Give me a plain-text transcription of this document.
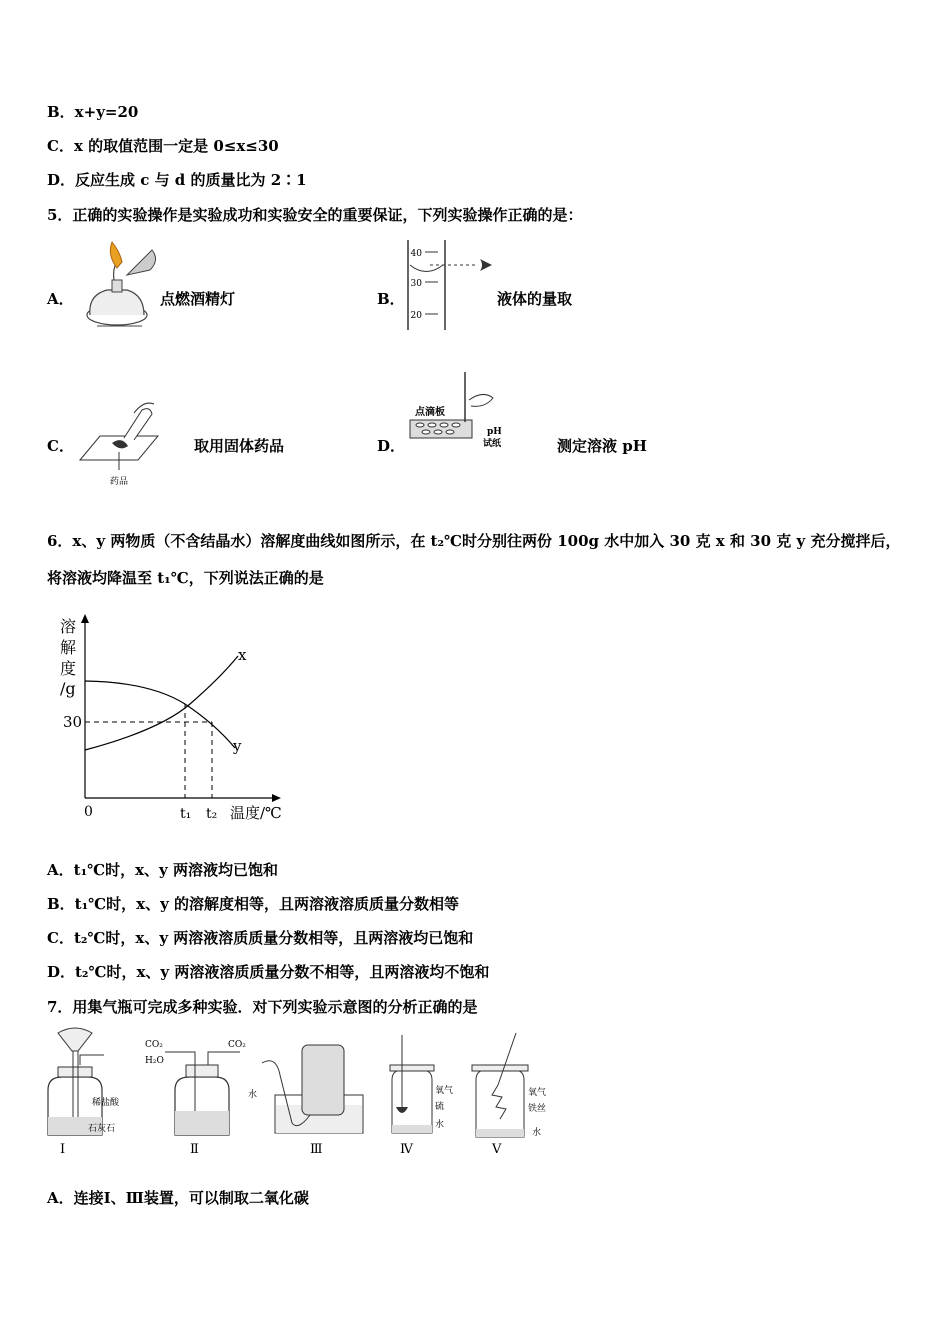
B．x+y=20
C．x 的取值范围一定是 0≤x≤30
D．反应生成 c 与 d 的质量比为 2∶1
5．正确的实验操作是实验成功和实验安全的重要保证，下列实验操作正确的是：
A．	点燃酒精灯	B．
40
30
20
液体的量取
C．
药品
取用固体药品	D．
点滴板
pH
试纸	测定溶液 pH
6．x、y 两物质（不含结晶水）溶解度曲线如图所示，在 t₂℃时分别往两份 100g 水中加入 30 克 x 和 30 克 y 充分搅拌后，
将溶液均降温至 t₁℃，下列说法正确的是
溶
解
度
/g
30
x
y
0	t₁ t₂ 温度/℃
A．t₁℃时，x、y 两溶液均已饱和
B．t₁℃时，x、y 的溶解度相等，且两溶液溶质质量分数相等
C．t₂℃时，x、y 两溶液溶质质量分数相等，且两溶液均已饱和
D．t₂℃时，x、y 两溶液溶质质量分数不相等，且两溶液均不饱和
7．用集气瓶可完成多种实验．对下列实验示意图的分析正确的是
稀盐酸
石灰石
Ⅰ
CO₂
H₂O
CO₂
Ⅱ
水
Ⅲ
氧气
硫
水
Ⅳ
氧气
铁丝
水
Ⅴ
A．连接Ⅰ、Ⅲ装置，可以制取二氧化碳
